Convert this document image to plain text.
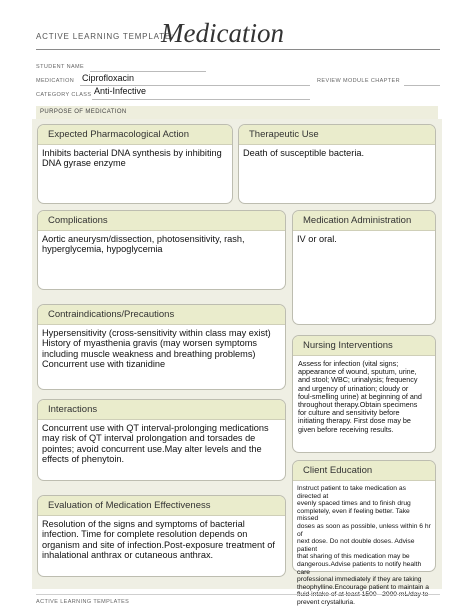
ACTIVE LEARNING TEMPLATE:
Medication
STUDENT NAME
MEDICATION Ciprofloxacin	REVIEW MODULE CHAPTER
CATEGORY CLASS Anti-Infective
PURPOSE OF MEDICATION
Expected Pharmacological Action
Inhibits bacterial DNA synthesis by inhibiting
DNA gyrase enzyme
Therapeutic Use
Death of susceptible bacteria.
Complications
Aortic aneurysm/dissection, photosensitivity, rash,
hyperglycemia, hypoglycemia
Medication Administration
IV or oral.
Contraindications/Precautions
Hypersensitivity (cross-sensitivity within class may exist)
History of myasthenia gravis (may worsen symptoms
including muscle weakness and breathing problems)
Concurrent use with tizanidine
Nursing Interventions
Assess for infection (vital signs;
appearance of wound, sputum, urine,
and stool; WBC; urinalysis; frequency
and urgency of urination; cloudy or
foul-smelling urine) at beginning of and
throughout therapy.Obtain specimens
for culture and sensitivity before
initiating therapy. First dose may be
given before receiving results.
Interactions
Concurrent use with QT interval-prolonging medications
may risk of QT interval prolongation and torsades de
pointes; avoid concurrent use.May alter levels and the
effects of phenytoin.
Client Education
Instruct patient to take medication as directed at
evenly spaced times and to finish drug
completely, even if feeling better. Take missed
doses as soon as possible, unless within 6 hr of
next dose. Do not double doses. Advise patient
that sharing of this medication may be
dangerous.Advise patients to notify health care
professional immediately if they are taking
theophylline.Encourage patient to maintain a
fluid intake of at least 1500– 2000 mL/day to
prevent crystalluria.
Evaluation of Medication Effectiveness
Resolution of the signs and symptoms of bacterial
infection. Time for complete resolution depends on
organism and site of infection.Post-exposure treatment of
inhalational anthrax or cutaneous anthrax.
ACTIVE LEARNING TEMPLATES
